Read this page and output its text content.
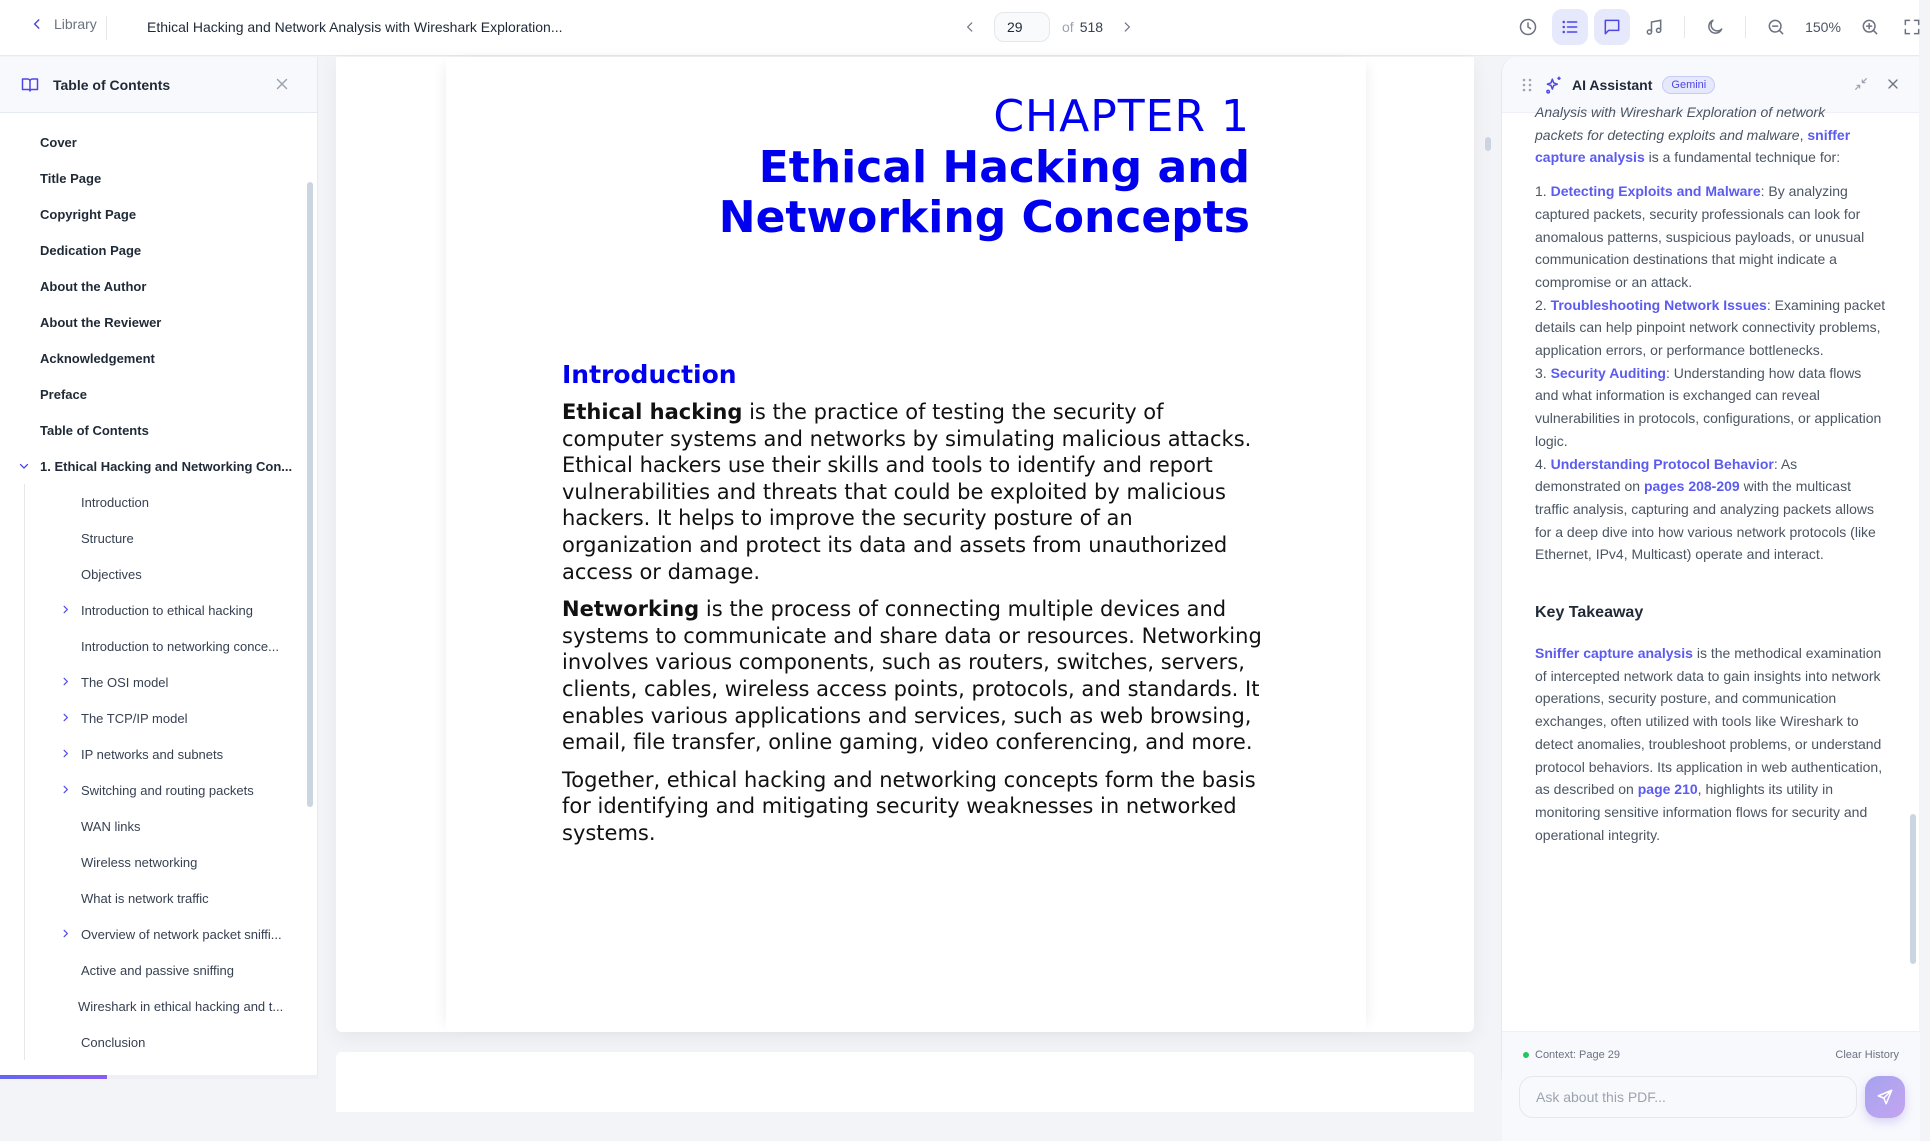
Library	Ethical Hacking and Network Analysis with Wireshark Exploration...
29	of 518	150%
Table of Contents
Cover
Title Page
Copyright Page
Dedication Page
About the Author
About the Reviewer
Acknowledgement
Preface
Table of Contents
1. Ethical Hacking and Networking Con...
Introduction
Structure
Objectives
Introduction to ethical hacking
Introduction to networking conce...
The OSI model
The TCP/IP model
IP networks and subnets
Switching and routing packets
WAN links
Wireless networking
What is network traffic
Overview of network packet sniffi...
Active and passive sniffing
Wireshark in ethical hacking and t...
Conclusion
CHAPTER 1
Ethical Hacking and
Networking Concepts
Introduction

Ethical hacking is the practice of testing the security of computer systems and networks by simulating malicious attacks. Ethical hackers use their skills and tools to identify and report vulnerabilities and threats that could be exploited by malicious hackers. It helps to improve the security posture of an organization and protect its data and assets from unauthorized access or damage.

Networking is the process of connecting multiple devices and systems to communicate and share data or resources. Networking involves various components, such as routers, switches, servers, clients, cables, wireless access points, protocols, and standards. It enables various applications and services, such as web browsing, email, file transfer, online gaming, video conferencing, and more.

Together, ethical hacking and networking concepts form the basis for identifying and mitigating security weaknesses in networked systems.

AI Assistant	Gemini
Analysis with Wireshark Exploration of network
packets for detecting exploits and malware, sniffer capture analysis is a fundamental technique for:
1. Detecting Exploits and Malware: By analyzing captured packets, security professionals can look for anomalous patterns, suspicious payloads, or unusual communication destinations that might indicate a compromise or an attack.
2. Troubleshooting Network Issues: Examining packet details can help pinpoint network connectivity problems, application errors, or performance bottlenecks.
3. Security Auditing: Understanding how data flows and what information is exchanged can reveal vulnerabilities in protocols, configurations, or application logic.
4. Understanding Protocol Behavior: As demonstrated on pages 208-209 with the multicast traffic analysis, capturing and analyzing packets allows for a deep dive into how various network protocols (like Ethernet, IPv4, Multicast) operate and interact.
Key Takeaway
Sniffer capture analysis is the methodical examination of intercepted network data to gain insights into network operations, security posture, and communication exchanges, often utilized with tools like Wireshark to detect anomalies, troubleshoot problems, or understand protocol behaviors. Its application in web authentication, as described on page 210, highlights its utility in monitoring sensitive information flows for security and operational integrity.
Context: Page 29	Clear History
Ask about this PDF...
